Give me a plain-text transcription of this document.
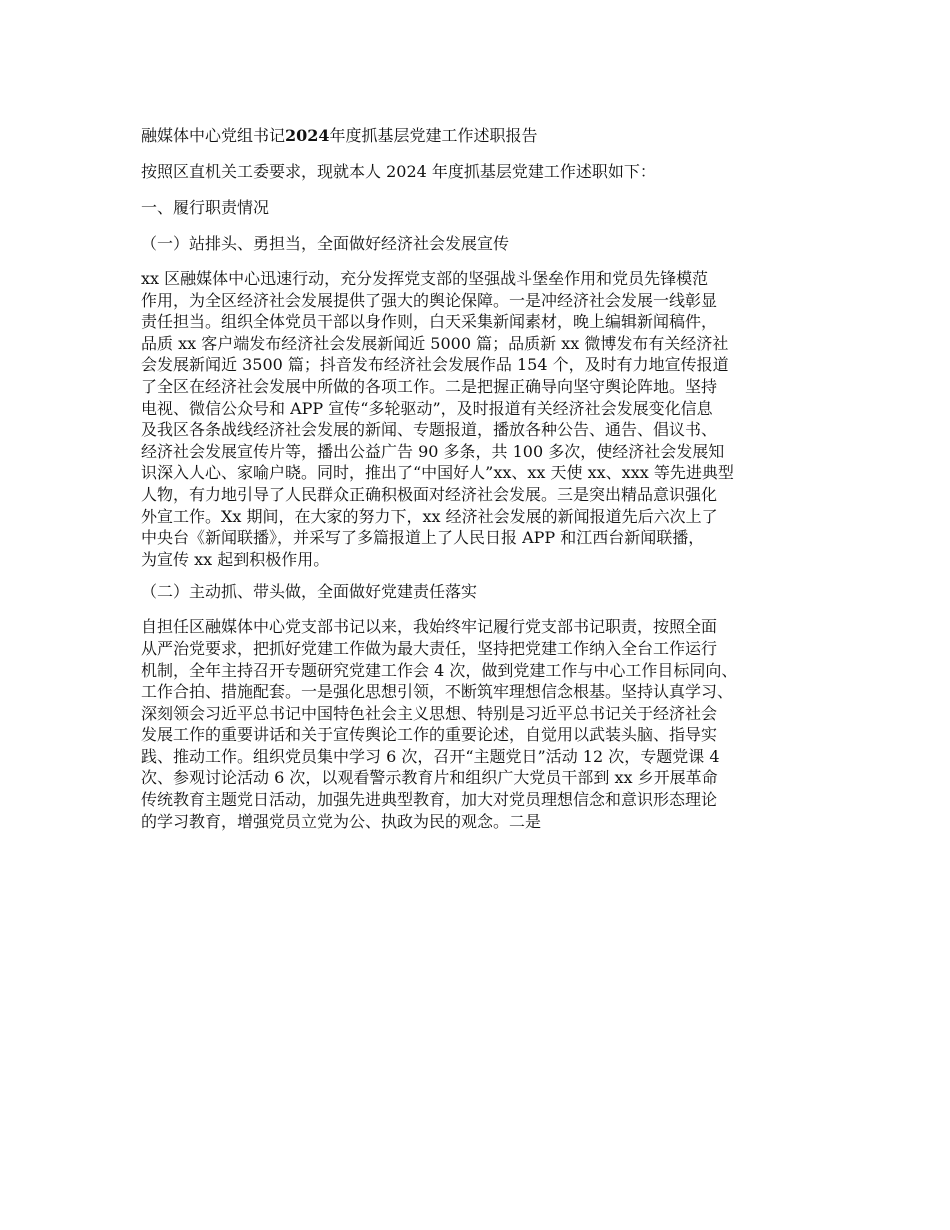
融媒体中心党组书记2024年度抓基层党建工作述职报告
按照区直机关工委要求，现就本人 2024 年度抓基层党建工作述职如下：
一、履行职责情况
（一）站排头、勇担当，全面做好经济社会发展宣传
xx 区融媒体中心迅速行动，充分发挥党支部的坚强战斗堡垒作用和党员先锋模范
作用，为全区经济社会发展提供了强大的舆论保障。一是冲经济社会发展一线彰显
责任担当。组织全体党员干部以身作则，白天采集新闻素材，晚上编辑新闻稿件，
品质 xx 客户端发布经济社会发展新闻近 5000 篇；品质新 xx 微博发布有关经济社
会发展新闻近 3500 篇；抖音发布经济社会发展作品 154 个，及时有力地宣传报道
了全区在经济社会发展中所做的各项工作。二是把握正确导向坚守舆论阵地。坚持
电视、微信公众号和 APP 宣传“多轮驱动”，及时报道有关经济社会发展变化信息
及我区各条战线经济社会发展的新闻、专题报道，播放各种公告、通告、倡议书、
经济社会发展宣传片等，播出公益广告 90 多条，共 100 多次，使经济社会发展知
识深入人心、家喻户晓。同时，推出了“中国好人”xx、xx 天使 xx、xxx 等先进典型
人物，有力地引导了人民群众正确积极面对经济社会发展。三是突出精品意识强化
外宣工作。Xx 期间，在大家的努力下，xx 经济社会发展的新闻报道先后六次上了
中央台《新闻联播》，并采写了多篇报道上了人民日报 APP 和江西台新闻联播，
为宣传 xx 起到积极作用。
（二）主动抓、带头做，全面做好党建责任落实
自担任区融媒体中心党支部书记以来，我始终牢记履行党支部书记职责，按照全面
从严治党要求，把抓好党建工作做为最大责任，坚持把党建工作纳入全台工作运行
机制，全年主持召开专题研究党建工作会 4 次，做到党建工作与中心工作目标同向、
工作合拍、措施配套。一是强化思想引领，不断筑牢理想信念根基。坚持认真学习、
深刻领会习近平总书记中国特色社会主义思想、特别是习近平总书记关于经济社会
发展工作的重要讲话和关于宣传舆论工作的重要论述，自觉用以武装头脑、指导实
践、推动工作。组织党员集中学习 6 次，召开“主题党日”活动 12 次，专题党课 4
次、参观讨论活动 6 次，以观看警示教育片和组织广大党员干部到 xx 乡开展革命
传统教育主题党日活动，加强先进典型教育，加大对党员理想信念和意识形态理论
的学习教育，增强党员立党为公、执政为民的观念。二是
